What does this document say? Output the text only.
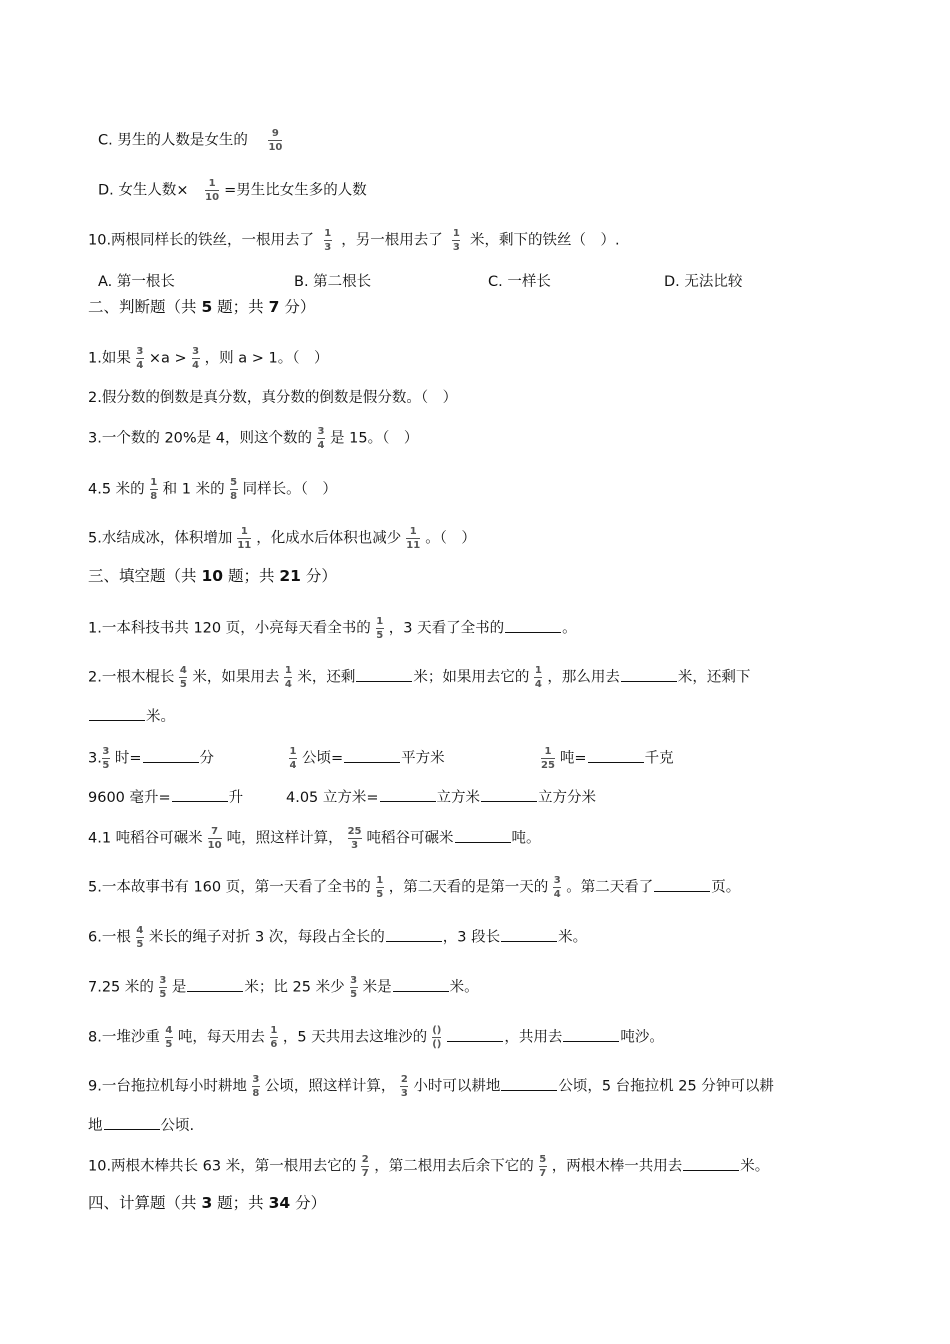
C. 男生的人数是女生的 $\frac{9}{10}$
D. 女生人数× $\frac{1}{10}$ =男生比女生多的人数
10.两根同样长的铁丝，一根用去了 $\frac{1}{3}$ ，另一根用去了 $\frac{1}{3}$ 米，剩下的铁丝（　）.
A. 第一根长	B. 第二根长	C. 一样长	D. 无法比较
二、判断题（共 5 题；共 7 分）
1.如果 $\frac{3}{4} \times a > \frac{3}{4}$ ，则 a > 1。（　）
2.假分数的倒数是真分数，真分数的倒数是假分数。（　）
3.一个数的 20%是 4，则这个数的 $\frac{3}{4}$ 是 15。（　）
4.5 米的 $\frac{1}{8}$ 和 1 米的 $\frac{5}{8}$ 同样长。（　）
5.水结成冰，体积增加 $\frac{1}{11}$ ，化成水后体积也减少 $\frac{1}{11}$ 。（　）
三、填空题（共 10 题；共 21 分）
1.一本科技书共 120 页，小亮每天看全书的 $\frac{1}{5}$ ，3 天看了全书的	。
2.一根木棍长 $\frac{4}{5}$ 米，如果用去 $\frac{1}{4}$ 米，还剩	米；如果用去它的 $\frac{1}{4}$ ，那么用去	米，还剩下
米。
3. $\frac{3}{5}$ 时=	分	$\frac{1}{4}$ 公顷=	平方米	$\frac{1}{25}$ 吨=	千克
9600 毫升=	升	4.05 立方米=	立方米	立方分米
4.1 吨稻谷可碾米 $\frac{7}{10}$ 吨，照这样计算， $\frac{25}{3}$ 吨稻谷可碾米	吨。
5.一本故事书有 160 页，第一天看了全书的 $\frac{1}{5}$ ，第二天看的是第一天的 $\frac{3}{4}$ 。第二天看了	页。
6.一根 $\frac{4}{5}$ 米长的绳子对折 3 次，每段占全长的	，3 段长	米。
7.25 米的 $\frac{3}{5}$ 是	米；比 25 米少 $\frac{3}{5}$ 米是	米。
8.一堆沙重 $\frac{4}{5}$ 吨，每天用去 $\frac{1}{6}$ ，5 天共用去这堆沙的 $\frac{()}{()}$	，共用去	吨沙。
9.一台拖拉机每小时耕地 $\frac{3}{8}$ 公顷，照这样计算， $\frac{2}{3}$ 小时可以耕地	公顷，5 台拖拉机 25 分钟可以耕
地	公顷.
10.两根木棒共长 63 米，第一根用去它的 $\frac{2}{7}$ ，第二根用去后余下它的 $\frac{5}{7}$ ，两根木棒一共用去	米。
四、计算题（共 3 题；共 34 分）
